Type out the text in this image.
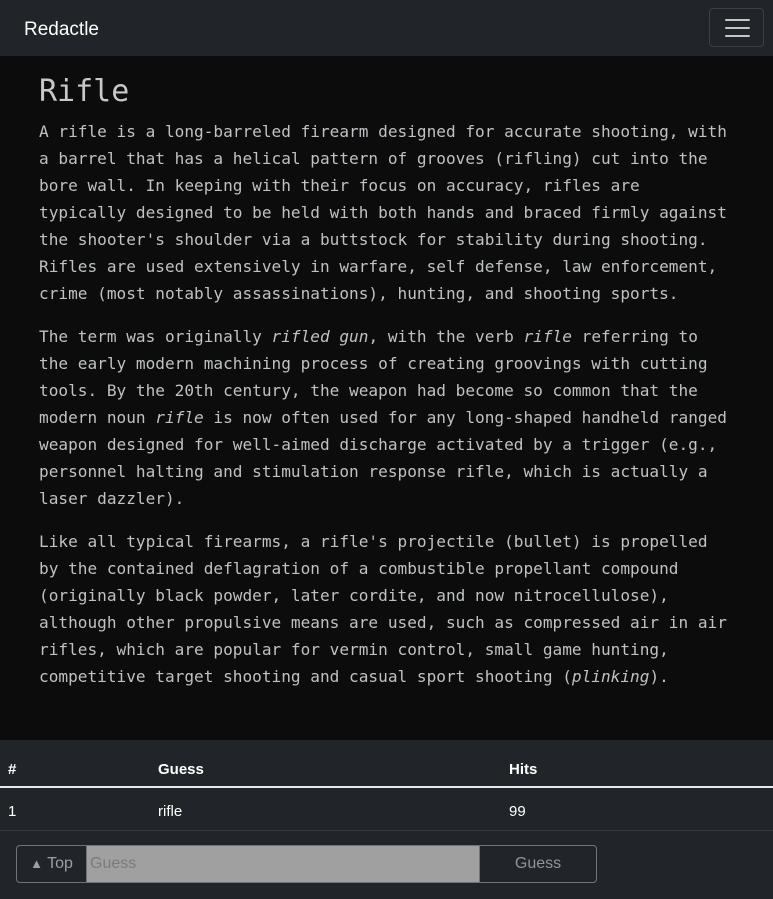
Redactle
Rifle

A rifle is a long-barreled firearm designed for accurate shooting, with a barrel that has a helical pattern of grooves (rifling) cut into the bore wall. In keeping with their focus on accuracy, rifles are typically designed to be held with both hands and braced firmly against the shooter's shoulder via a buttstock for stability during shooting. Rifles are used extensively in warfare, self defense, law enforcement, crime (most notably assassinations), hunting, and shooting sports.

The term was originally rifled gun, with the verb rifle referring to the early modern machining process of creating groovings with cutting tools. By the 20th century, the weapon had become so common that the modern noun rifle is now often used for any long-shaped handheld ranged weapon designed for well-aimed discharge activated by a trigger (e.g., personnel halting and stimulation response rifle, which is actually a laser dazzler).

Like all typical firearms, a rifle's projectile (bullet) is propelled by the contained deflagration of a combustible propellant compound (originally black powder, later cordite, and now nitrocellulose), although other propulsive means are used, such as compressed air in air rifles, which are popular for vermin control, small game hunting, competitive target shooting and casual sport shooting (plinking).

#	Guess	Hits
1	rifle	99
▲ Top
Guess	Guess
